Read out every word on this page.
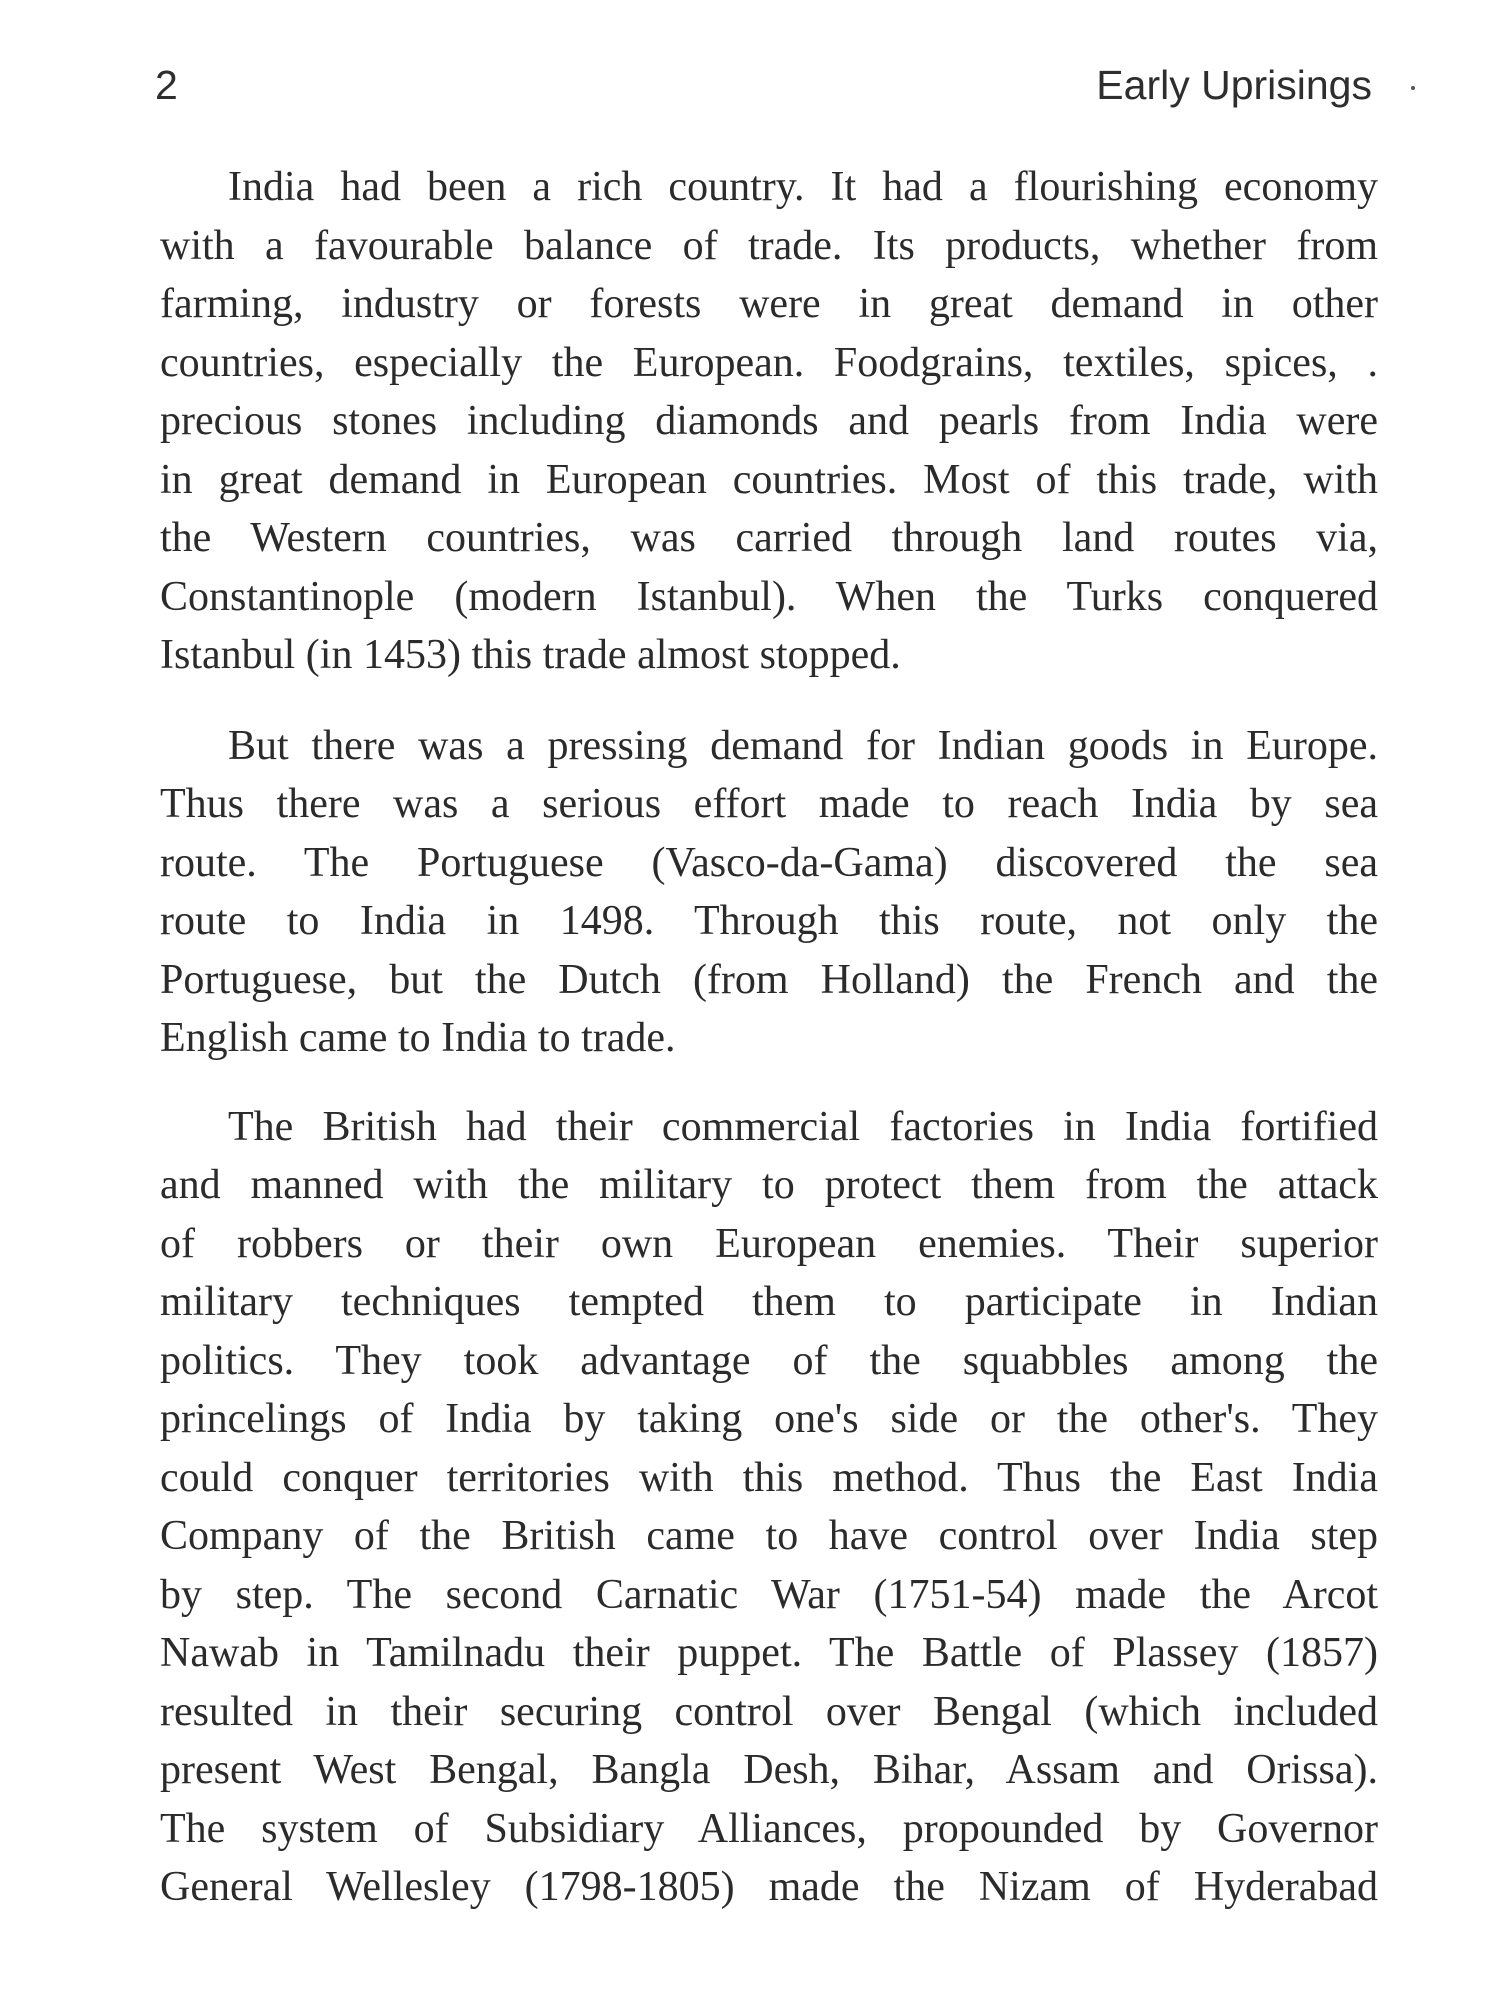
2	Early Uprisings
India had been a rich country. It had a flourishing economy
with a favourable balance of trade. Its products, whether from
farming, industry or forests were in great demand in other
countries, especially the European. Foodgrains, textiles, spices, .
precious stones including diamonds and pearls from India were
in great demand in European countries. Most of this trade, with
the Western countries, was carried through land routes via,
Constantinople (modern Istanbul). When the Turks conquered
Istanbul (in 1453) this trade almost stopped.
But there was a pressing demand for Indian goods in Europe.
Thus there was a serious effort made to reach India by sea
route. The Portuguese (Vasco-da-Gama) discovered the sea
route to India in 1498. Through this route, not only the
Portuguese, but the Dutch (from Holland) the French and the
English came to India to trade.
The British had their commercial factories in India fortified
and manned with the military to protect them from the attack
of robbers or their own European enemies. Their superior
military techniques tempted them to participate in Indian
politics. They took advantage of the squabbles among the
princelings of India by taking one's side or the other's. They
could conquer territories with this method. Thus the East India
Company of the British came to have control over India step
by step. The second Carnatic War (1751-54) made the Arcot
Nawab in Tamilnadu their puppet. The Battle of Plassey (1857)
resulted in their securing control over Bengal (which included
present West Bengal, Bangla Desh, Bihar, Assam and Orissa).
The system of Subsidiary Alliances, propounded by Governor
General Wellesley (1798-1805) made the Nizam of Hyderabad
